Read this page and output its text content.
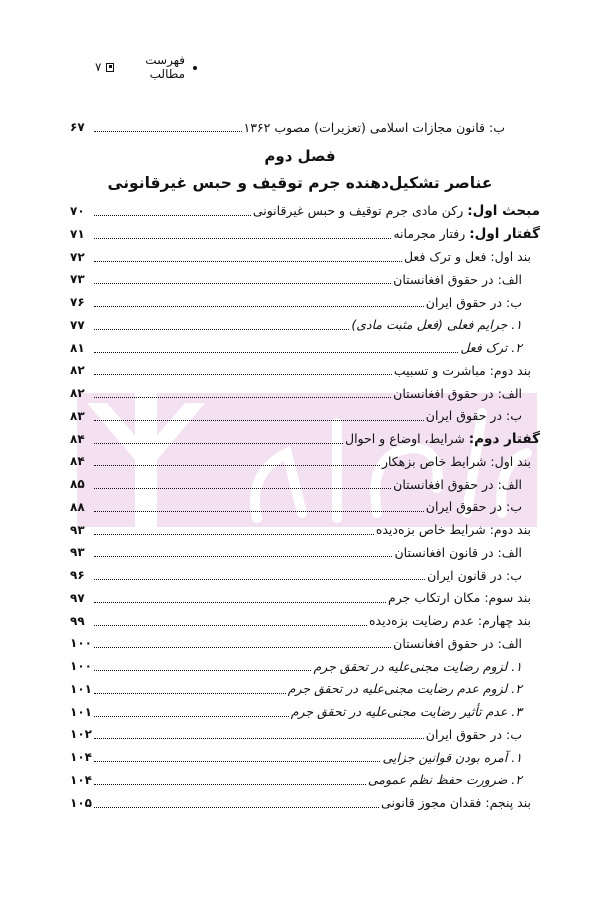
فهرست مطالب
٧
ب: قانون مجازات اسلامی (تعزیرات) مصوب ۱۳۶۲
۶۷
فصل دوم
عناصر تشکیل‌دهنده جرم توقیف و حبس غیرقانونی
مبحث اول: رکن مادی جرم توقیف و حبس غیرقانونی
۷۰
گفتار اول: رفتار مجرمانه
۷۱
بند اول: فعل و ترک فعل
۷۲
الف: در حقوق افغانستان
۷۳
ب: در حقوق ایران
۷۶
۱. جرایم فعلی (فعل مثبت مادی)
۷۷
۲. ترک فعل
۸۱
بند دوم: مباشرت و تسبیب
۸۲
الف: در حقوق افغانستان
۸۲
ب: در حقوق ایران
۸۳
گفتار دوم: شرایط، اوضاع و احوال
۸۴
بند اول: شرایط خاص بزهکار
۸۴
الف: در حقوق افغانستان
۸۵
ب: در حقوق ایران
۸۸
بند دوم: شرایط خاص بزه‌دیده
۹۳
الف: در قانون افغانستان
۹۳
ب: در قانون ایران
۹۶
بند سوم: مکان ارتکاب جرم
۹۷
بند چهارم: عدم رضایت بزه‌دیده
۹۹
الف: در حقوق افغانستان
۱۰۰
۱. لزوم رضایت مجنی‌علیه در تحقق جرم
۱۰۰
۲. لزوم عدم رضایت مجنی‌علیه در تحقق جرم
۱۰۱
۳. عدم تأثیر رضایت مجنی‌علیه در تحقق جرم
۱۰۱
ب: در حقوق ایران
۱۰۲
۱. آمره بودن قوانین جزایی
۱۰۴
۲. ضرورت حفظ نظم عمومی
۱۰۴
بند پنجم: فقدان مجوز قانونی
۱۰۵
